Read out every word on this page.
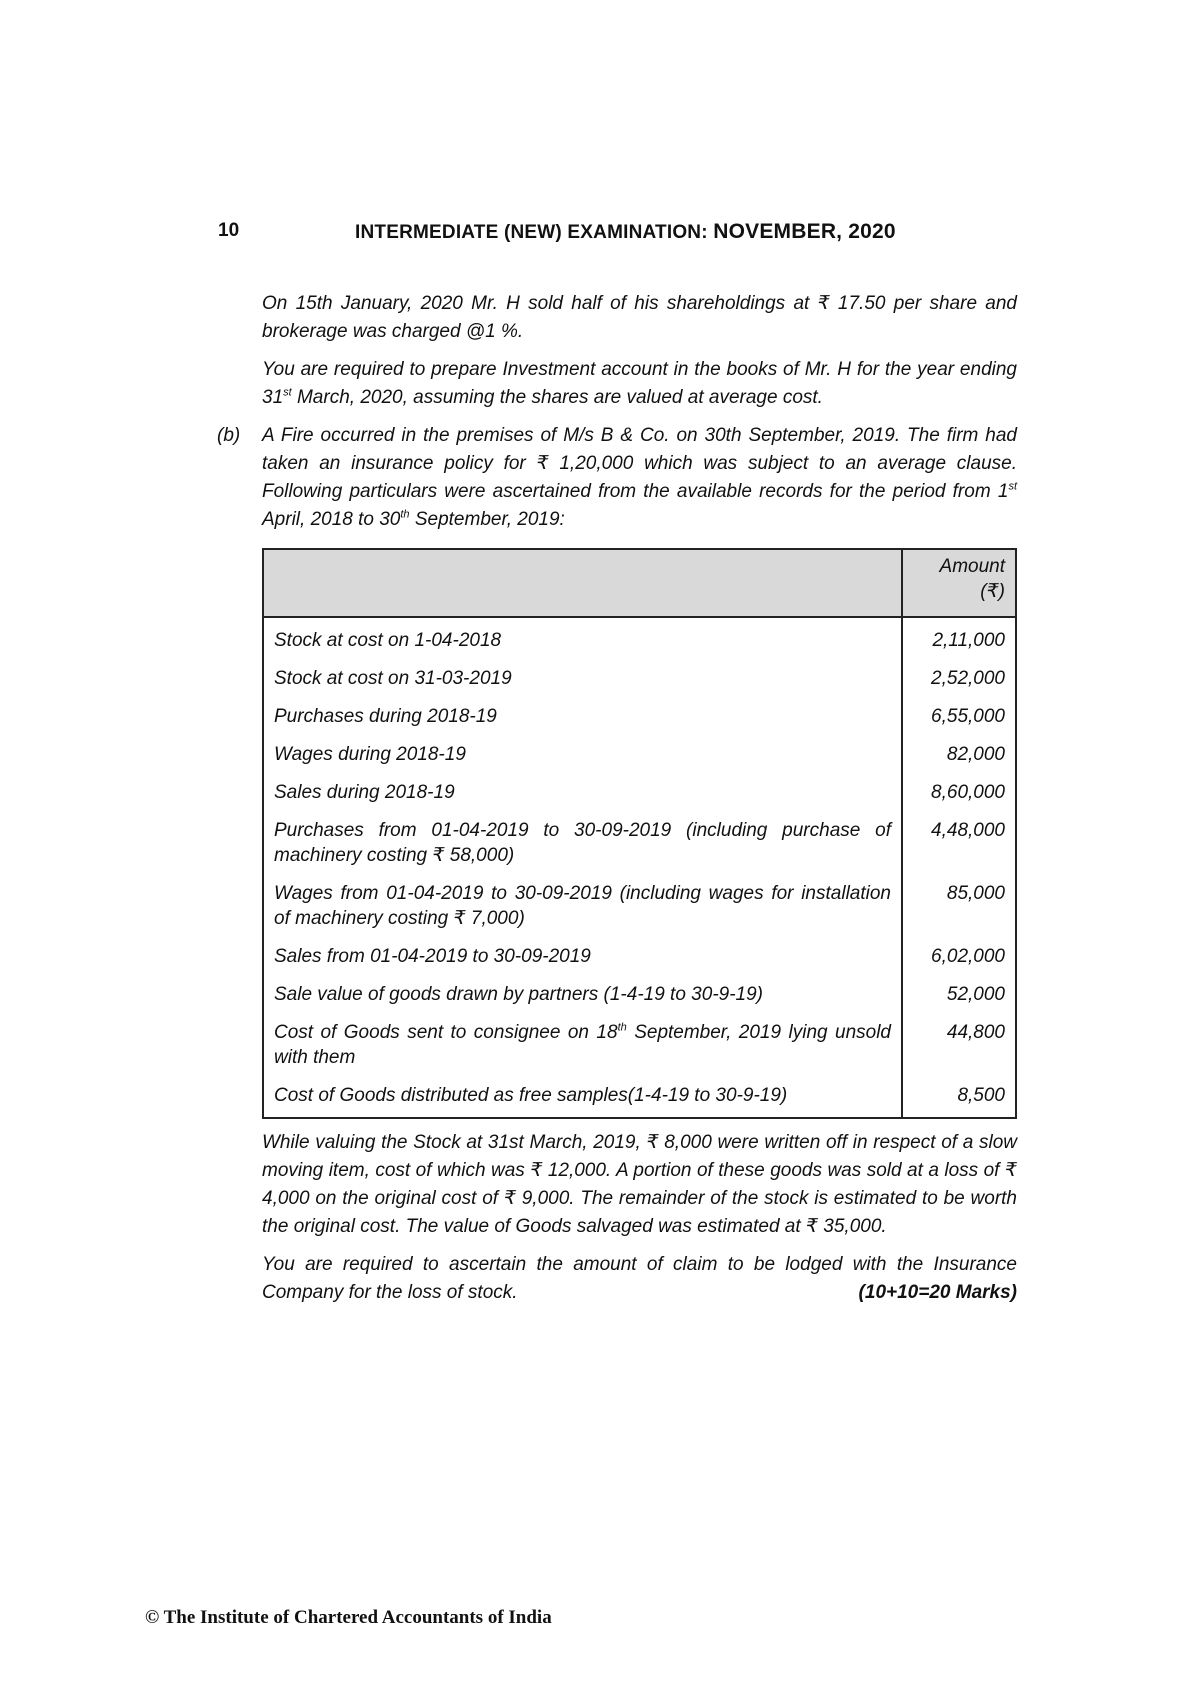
10	INTERMEDIATE (NEW) EXAMINATION: NOVEMBER, 2020

On 15th January, 2020 Mr. H sold half of his shareholdings at ₹ 17.50 per share and brokerage was charged @1 %.

You are required to prepare Investment account in the books of Mr. H for the year ending 31st March, 2020, assuming the shares are valued at average cost.

(b) A Fire occurred in the premises of M/s B & Co. on 30th September, 2019. The firm had taken an insurance policy for ₹ 1,20,000 which was subject to an average clause. Following particulars were ascertained from the available records for the period from 1st April, 2018 to 30th September, 2019:

	Amount
(₹)
Stock at cost on 1-04-2018	2,11,000
Stock at cost on 31-03-2019	2,52,000
Purchases during 2018-19	6,55,000
Wages during 2018-19	82,000
Sales during 2018-19	8,60,000
Purchases from 01-04-2019 to 30-09-2019 (including purchase of machinery costing ₹ 58,000)	4,48,000
Wages from 01-04-2019 to 30-09-2019 (including wages for installation of machinery costing ₹ 7,000)	85,000
Sales from 01-04-2019 to 30-09-2019	6,02,000
Sale value of goods drawn by partners (1-4-19 to 30-9-19)	52,000
Cost of Goods sent to consignee on 18th September, 2019 lying unsold with them	44,800
Cost of Goods distributed as free samples(1-4-19 to 30-9-19)	8,500

While valuing the Stock at 31st March, 2019, ₹ 8,000 were written off in respect of a slow moving item, cost of which was ₹ 12,000. A portion of these goods was sold at a loss of ₹ 4,000 on the original cost of ₹ 9,000. The remainder of the stock is estimated to be worth the original cost. The value of Goods salvaged was estimated at ₹ 35,000.

You are required to ascertain the amount of claim to be lodged with the Insurance Company for the loss of stock.	(10+10=20 Marks)

© The Institute of Chartered Accountants of India
